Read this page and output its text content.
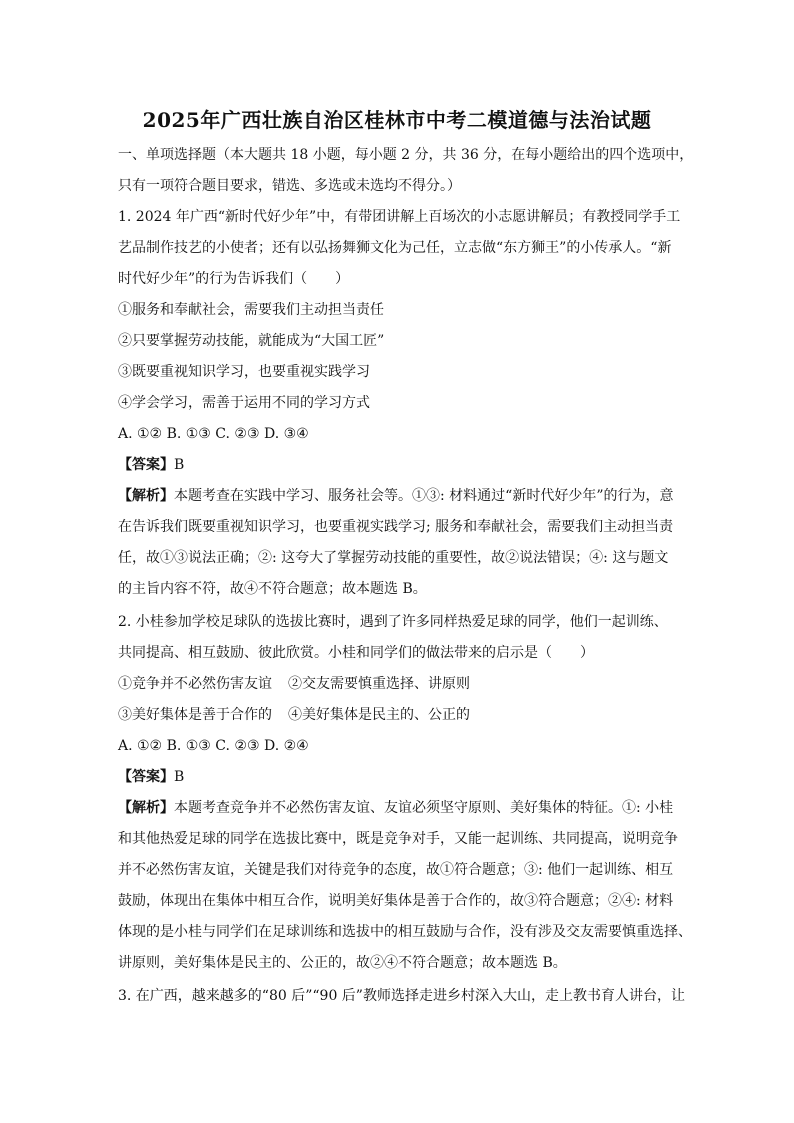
2025年广西壮族自治区桂林市中考二模道德与法治试题
一、单项选择题（本大题共 18 小题，每小题 2 分，共 36 分，在每小题给出的四个选项中，
只有一项符合题目要求，错选、多选或未选均不得分。）
1. 2024 年广西“新时代好少年”中，有带团讲解上百场次的小志愿讲解员；有教授同学手工
艺品制作技艺的小使者；还有以弘扬舞狮文化为己任，立志做“东方狮王”的小传承人。“新
时代好少年”的行为告诉我们（　　）
①服务和奉献社会，需要我们主动担当责任
②只要掌握劳动技能，就能成为“大国工匠”
③既要重视知识学习，也要重视实践学习
④学会学习，需善于运用不同的学习方式
A. ①② B. ①③ C. ②③ D. ③④
【答案】B
【解析】本题考查在实践中学习、服务社会等。①③: 材料通过“新时代好少年”的行为，意
在告诉我们既要重视知识学习，也要重视实践学习; 服务和奉献社会，需要我们主动担当责
任，故①③说法正确；②: 这夸大了掌握劳动技能的重要性，故②说法错误；④: 这与题文
的主旨内容不符，故④不符合题意；故本题选 B。
2. 小桂参加学校足球队的选拔比赛时，遇到了许多同样热爱足球的同学，他们一起训练、
共同提高、相互鼓励、彼此欣赏。小桂和同学们的做法带来的启示是（　　）
①竞争并不必然伤害友谊 ②交友需要慎重选择、讲原则
③美好集体是善于合作的 ④美好集体是民主的、公正的
A. ①② B. ①③ C. ②③ D. ②④
【答案】B
【解析】本题考查竞争并不必然伤害友谊、友谊必须坚守原则、美好集体的特征。①: 小桂
和其他热爱足球的同学在选拔比赛中，既是竞争对手，又能一起训练、共同提高，说明竞争
并不必然伤害友谊，关键是我们对待竞争的态度，故①符合题意；③: 他们一起训练、相互
鼓励，体现出在集体中相互合作，说明美好集体是善于合作的，故③符合题意；②④: 材料
体现的是小桂与同学们在足球训练和选拔中的相互鼓励与合作，没有涉及交友需要慎重选择、
讲原则，美好集体是民主的、公正的，故②④不符合题意；故本题选 B。
3. 在广西，越来越多的“80 后”“90 后”教师选择走进乡村深入大山，走上教书育人讲台，让
